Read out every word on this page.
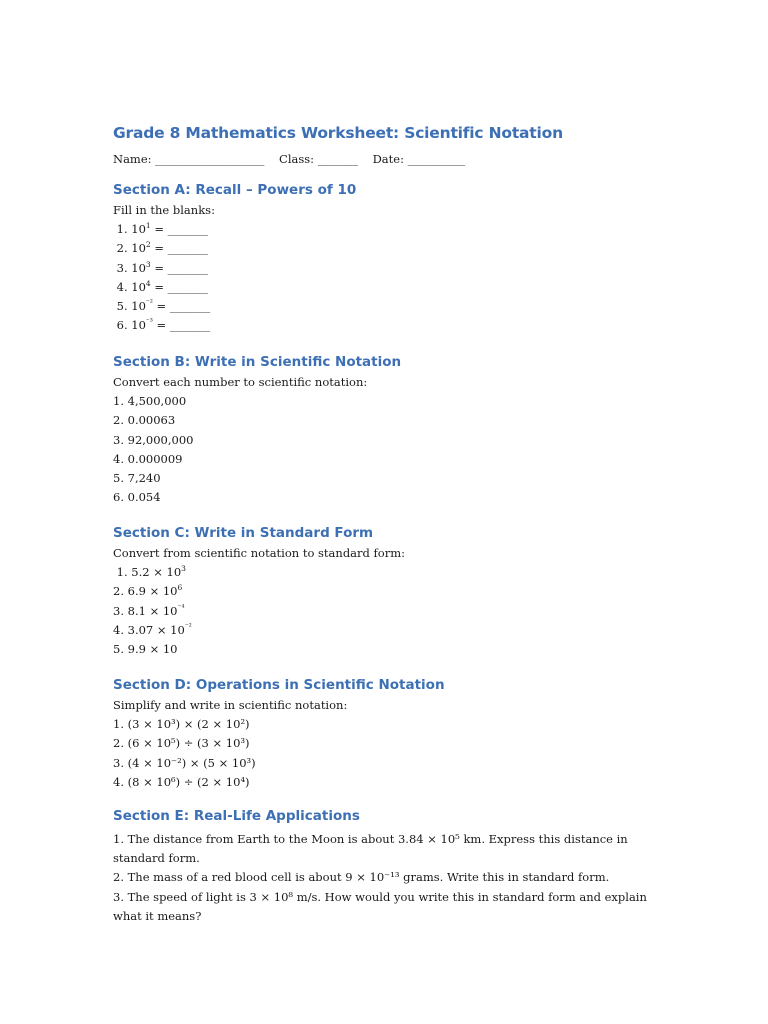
Grade 8 Mathematics Worksheet: Scientific Notation
Name: ___________________    Class: _______    Date: __________
Section A: Recall – Powers of 10
Fill in the blanks:
1. $10^1$ = _______
2. $10^2$ = _______
3. $10^3$ = _______
4. $10^4$ = _______
5. $10^{^{-2}}$ = _______
6. $10^{^{-3}}$ = _______
Section B: Write in Scientific Notation
Convert each number to scientific notation:
1. 4,500,000
2. 0.00063
3. 92,000,000
4. 0.000009
5. 7,240
6. 0.054
Section C: Write in Standard Form
Convert from scientific notation to standard form:
1. $5.2 \times 10^3$
2. $6.9 \times 10^6$
3. $8.1 \times 10^{^{-4}}$
4. $3.07 \times 10^{^{-2}}$
5. 9.9 × 10
Section D: Operations in Scientific Notation
Simplify and write in scientific notation:
1. (3 × 10³) × (2 × 10²)
2. (6 × 10⁵) ÷ (3 × 10³)
3. (4 × 10⁻²) × (5 × 10³)
4. (8 × 10⁶) ÷ (2 × 10⁴)
Section E: Real-Life Applications
1. The distance from Earth to the Moon is about 3.84 × 10⁵ km. Express this distance in standard form.
2. The mass of a red blood cell is about 9 × 10⁻¹³ grams. Write this in standard form.
3. The speed of light is 3 × 10⁸ m/s. How would you write this in standard form and explain what it means?
